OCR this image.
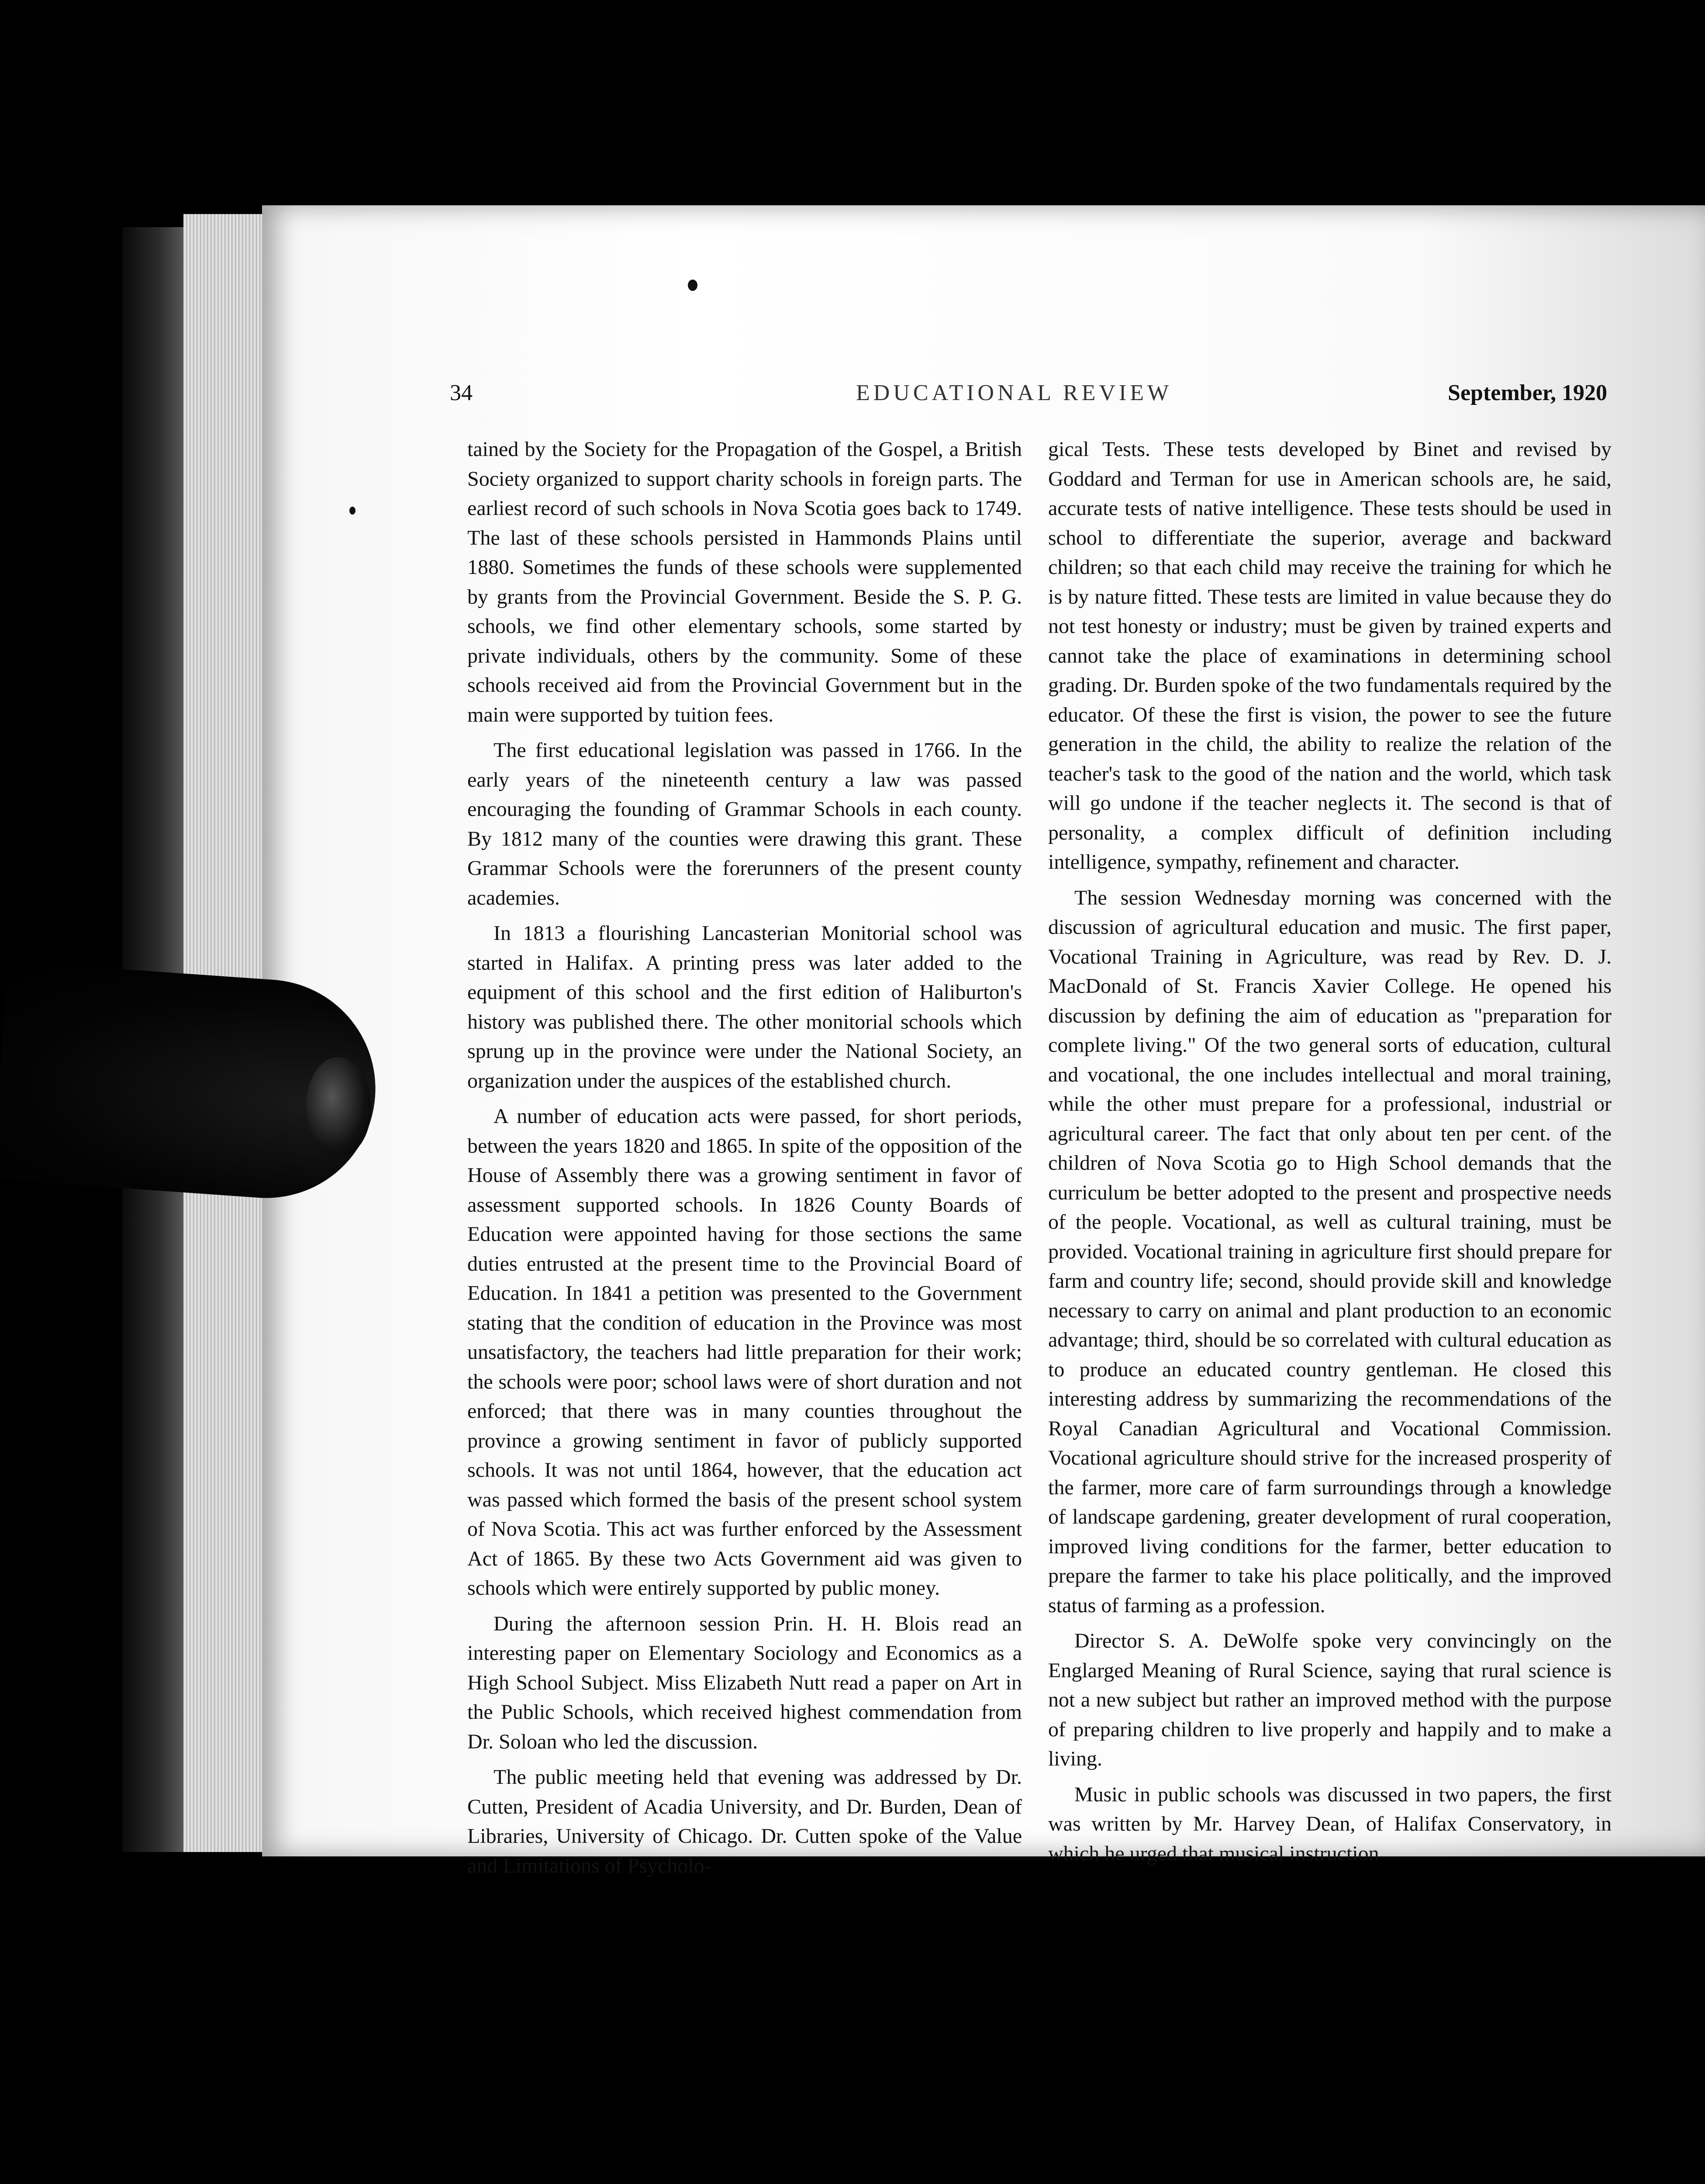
34	EDUCATIONAL REVIEW	September, 1920

tained by the Society for the Propagation of the Gospel, a British Society organized to support charity schools in foreign parts. The earliest record of such schools in Nova Scotia goes back to 1749. The last of these schools persisted in Hammonds Plains until 1880. Sometimes the funds of these schools were supplemented by grants from the Provincial Government. Beside the S. P. G. schools, we find other elementary schools, some started by private individuals, others by the community. Some of these schools received aid from the Provincial Government but in the main were supported by tuition fees.

The first educational legislation was passed in 1766. In the early years of the nineteenth century a law was passed encouraging the founding of Grammar Schools in each county. By 1812 many of the counties were drawing this grant. These Grammar Schools were the forerunners of the present county academies.

In 1813 a flourishing Lancasterian Monitorial school was started in Halifax. A printing press was later added to the equipment of this school and the first edition of Haliburton's history was published there. The other monitorial schools which sprung up in the province were under the National Society, an organization under the auspices of the established church.

A number of education acts were passed, for short periods, between the years 1820 and 1865. In spite of the opposition of the House of Assembly there was a growing sentiment in favor of assessment supported schools. In 1826 County Boards of Education were appointed having for those sections the same duties entrusted at the present time to the Provincial Board of Education. In 1841 a petition was presented to the Government stating that the condition of education in the Province was most unsatisfactory, the teachers had little preparation for their work; the schools were poor; school laws were of short duration and not enforced; that there was in many counties throughout the province a growing sentiment in favor of publicly supported schools. It was not until 1864, however, that the education act was passed which formed the basis of the present school system of Nova Scotia. This act was further enforced by the Assessment Act of 1865. By these two Acts Government aid was given to schools which were entirely supported by public money.

During the afternoon session Prin. H. H. Blois read an interesting paper on Elementary Sociology and Economics as a High School Subject. Miss Elizabeth Nutt read a paper on Art in the Public Schools, which received highest commendation from Dr. Soloan who led the discussion.

The public meeting held that evening was addressed by Dr. Cutten, President of Acadia University, and Dr. Burden, Dean of Libraries, University of Chicago. Dr. Cutten spoke of the Value and Limitations of Psycholo-

gical Tests. These tests developed by Binet and revised by Goddard and Terman for use in American schools are, he said, accurate tests of native intelligence. These tests should be used in school to differentiate the superior, average and backward children; so that each child may receive the training for which he is by nature fitted. These tests are limited in value because they do not test honesty or industry; must be given by trained experts and cannot take the place of examinations in determining school grading. Dr. Burden spoke of the two fundamentals required by the educator. Of these the first is vision, the power to see the future generation in the child, the ability to realize the relation of the teacher's task to the good of the nation and the world, which task will go undone if the teacher neglects it. The second is that of personality, a complex difficult of definition including intelligence, sympathy, refinement and character.

The session Wednesday morning was concerned with the discussion of agricultural education and music. The first paper, Vocational Training in Agriculture, was read by Rev. D. J. MacDonald of St. Francis Xavier College. He opened his discussion by defining the aim of education as "preparation for complete living." Of the two general sorts of education, cultural and vocational, the one includes intellectual and moral training, while the other must prepare for a professional, industrial or agricultural career. The fact that only about ten per cent. of the children of Nova Scotia go to High School demands that the curriculum be better adopted to the present and prospective needs of the people. Vocational, as well as cultural training, must be provided. Vocational training in agriculture first should prepare for farm and country life; second, should provide skill and knowledge necessary to carry on animal and plant production to an economic advantage; third, should be so correlated with cultural education as to produce an educated country gentleman. He closed this interesting address by summarizing the recommendations of the Royal Canadian Agricultural and Vocational Commission. Vocational agriculture should strive for the increased prosperity of the farmer, more care of farm surroundings through a knowledge of landscape gardening, greater development of rural cooperation, improved living conditions for the farmer, better education to prepare the farmer to take his place politically, and the improved status of farming as a profession.

Director S. A. DeWolfe spoke very convincingly on the Englarged Meaning of Rural Science, saying that rural science is not a new subject but rather an improved method with the purpose of preparing children to live properly and happily and to make a living.

Music in public schools was discussed in two papers, the first was written by Mr. Harvey Dean, of Halifax Conservatory, in which he urged that musical instruction
